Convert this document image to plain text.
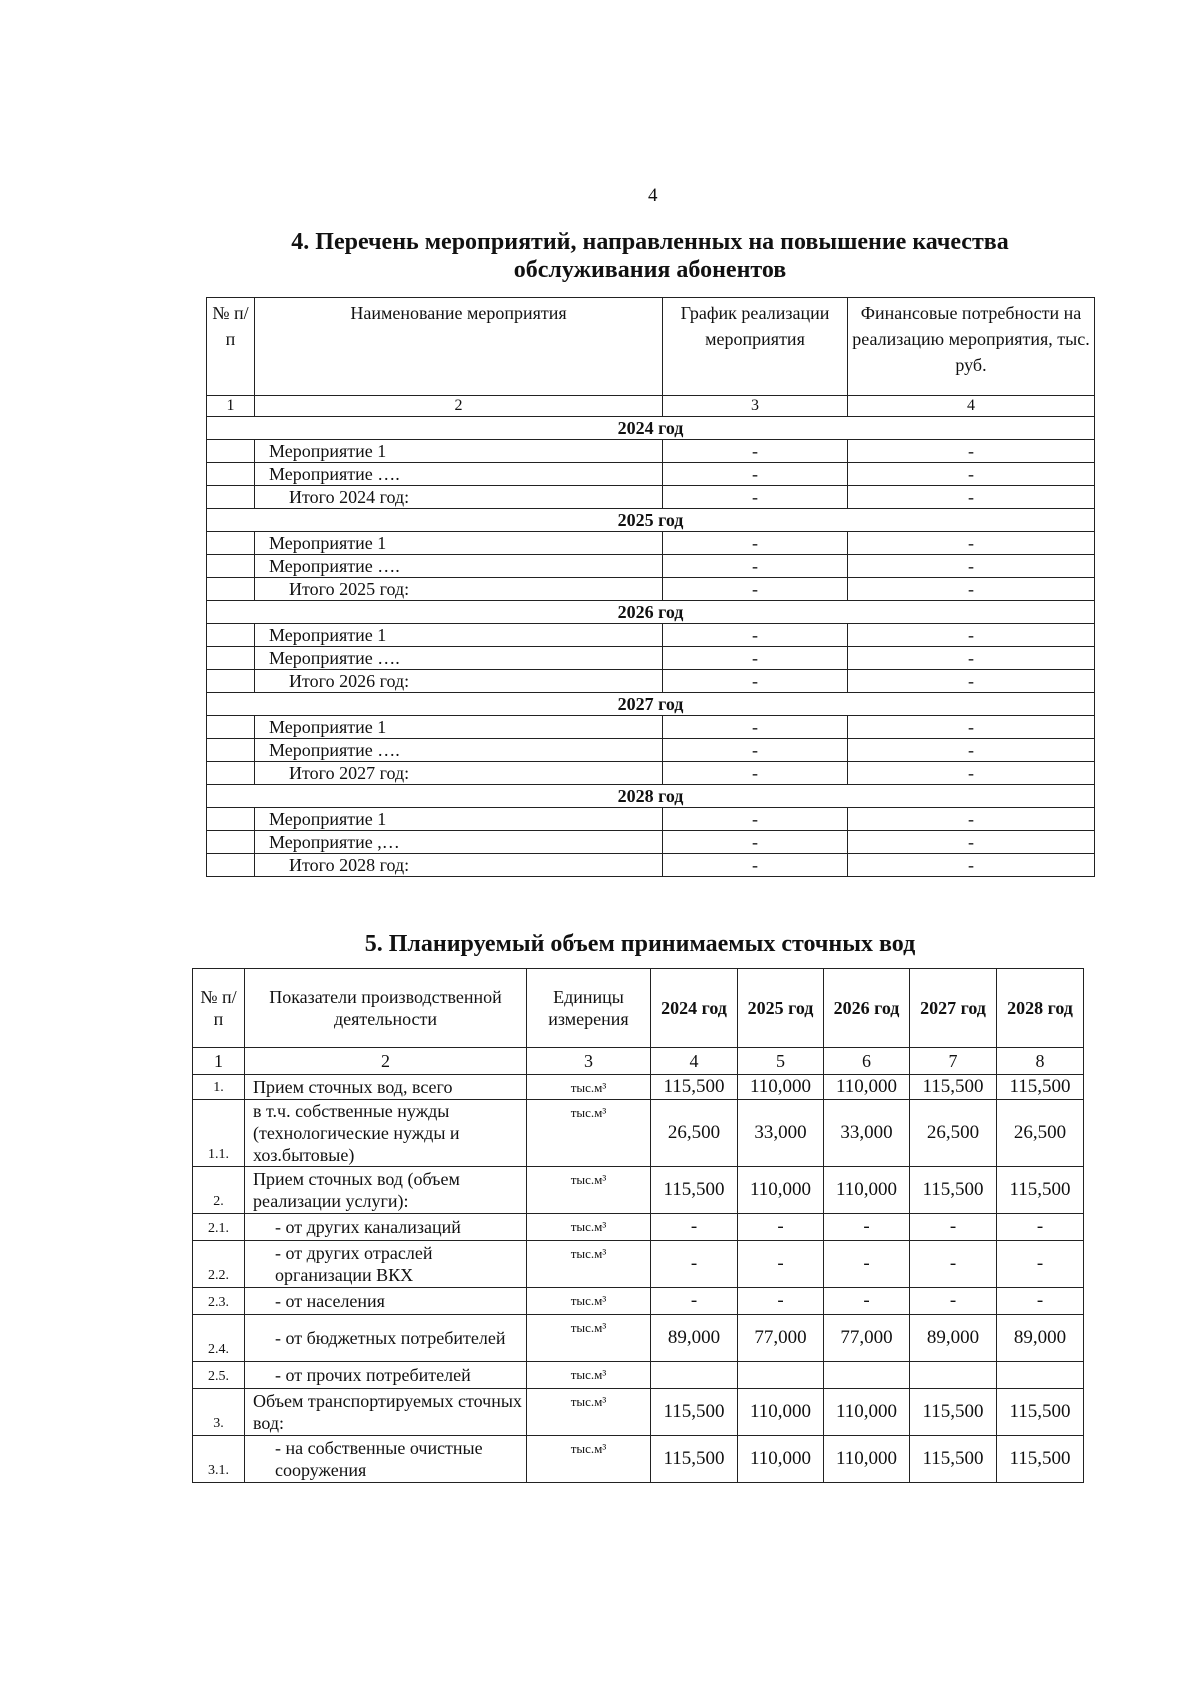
4
4. Перечень мероприятий, направленных на повышение качества
обслуживания абонентов
№ п/п	Наименование мероприятия	График реализации мероприятия	Финансовые потребности на реализацию мероприятия, тыс. руб.
1	2	3	4
2024 год			
	Мероприятие 1	-	-
	Мероприятие ….	-	-
	Итого 2024 год:	-	-
2025 год			
	Мероприятие 1	-	-
	Мероприятие ….	-	-
	Итого 2025 год:	-	-
2026 год			
	Мероприятие 1	-	-
	Мероприятие ….	-	-
	Итого 2026 год:	-	-
2027 год			
	Мероприятие 1	-	-
	Мероприятие ….	-	-
	Итого 2027 год:	-	-
2028 год			
	Мероприятие 1	-	-
	Мероприятие ,…	-	-
	Итого 2028 год:	-	-
5. Планируемый объем принимаемых сточных вод
№ п/п	Показатели производственной деятельности	Единицы измерения	2024 год	2025 год	2026 год	2027 год	2028 год
1	2	3	4	5	6	7	8
1.	Прием сточных вод, всего	тыс.м³	115,500	110,000	110,000	115,500	115,500
1.1.	в т.ч. собственные нужды (технологические нужды и хоз.бытовые)	тыс.м³	26,500	33,000	33,000	26,500	26,500
2.	Прием сточных вод (объем реализации услуги):	тыс.м³	115,500	110,000	110,000	115,500	115,500
2.1.	- от других канализаций	тыс.м³	-	-	-	-	-
2.2.	- от других отраслей организации ВКХ	тыс.м³	-	-	-	-	-
2.3.	- от населения	тыс.м³	-	-	-	-	-
2.4.	- от бюджетных потребителей	тыс.м³	89,000	77,000	77,000	89,000	89,000
2.5.	- от прочих потребителей	тыс.м³					
3.	Объем транспортируемых сточных вод:	тыс.м³	115,500	110,000	110,000	115,500	115,500
3.1.	- на собственные очистные сооружения	тыс.м³	115,500	110,000	110,000	115,500	115,500
